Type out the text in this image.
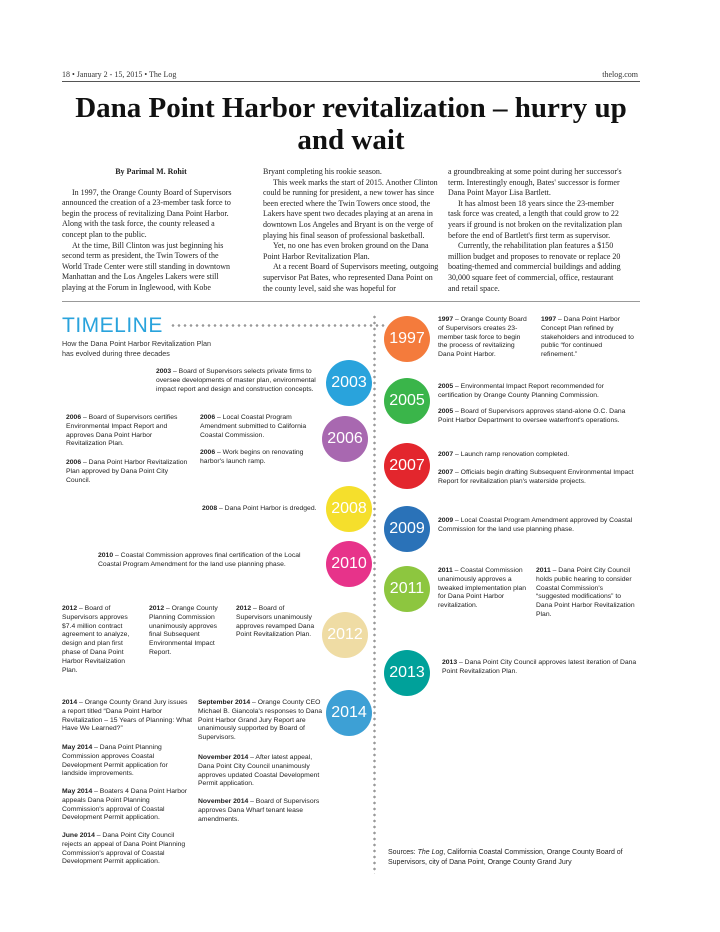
18 • January 2 - 15, 2015 • The Log	thelog.com
Dana Point Harbor revitalization – hurry up and wait

By Parimal M. Rohit

In 1997, the Orange County Board of Supervisors announced the creation of a 23-member task force to begin the process of revitalizing Dana Point Harbor. Along with the task force, the county released a concept plan to the public.

At the time, Bill Clinton was just beginning his second term as president, the Twin Towers of the World Trade Center were still standing in downtown Manhattan and the Los Angeles Lakers were still playing at the Forum in Inglewood, with Kobe

Bryant completing his rookie season.

This week marks the start of 2015. Another Clinton could be running for president, a new tower has since been erected where the Twin Towers once stood, the Lakers have spent two decades playing at an arena in downtown Los Angeles and Bryant is on the verge of playing his final season of professional basketball.

Yet, no one has even broken ground on the Dana Point Harbor Revitalization Plan.

At a recent Board of Supervisors meeting, outgoing supervisor Pat Bates, who represented Dana Point on the county level, said she was hopeful for

a groundbreaking at some point during her successor's term. Interestingly enough, Bates' successor is former Dana Point Mayor Lisa Bartlett.

It has almost been 18 years since the 23-member task force was created, a length that could grow to 22 years if ground is not broken on the revitalization plan before the end of Bartlett's first term as supervisor.

Currently, the rehabilitation plan features a $150 million budget and proposes to renovate or replace 20 boating-themed and commercial buildings and adding 30,000 square feet of commercial, office, restaurant and retail space.

TIMELINE
How the Dana Point Harbor Revitalization Plan has evolved during three decades
1997
2003
2005
2006
2007
2008
2009
2010
2011
2012
2013
2014
1997 – Orange County Board of Supervisors creates 23-member task force to begin the process of revitalizing Dana Point Harbor.
1997 – Dana Point Harbor Concept Plan refined by stakeholders and introduced to public “for continued refinement.”
2003 – Board of Supervisors selects private firms to oversee developments of master plan, environmental impact report and design and construction concepts.	2005 – Environmental Impact Report recommended for certification by Orange County Planning Commission.
2005 – Board of Supervisors approves stand-alone O.C. Dana Point Harbor Department to oversee waterfront's operations.
2006 – Board of Supervisors certifies Environmental Impact Report and approves Dana Point Harbor Revitalization Plan.
2006 – Dana Point Harbor Revitalization Plan approved by Dana Point City Council.
2006 – Local Coastal Program Amendment submitted to California Coastal Commission.
2006 – Work begins on renovating harbor's launch ramp.
2007 – Launch ramp renovation completed.
2007 – Officials begin drafting Subsequent Environmental Impact Report for revitalization plan's waterside projects.
2008 – Dana Point Harbor is dredged.
2009 – Local Coastal Program Amendment approved by Coastal Commission for the land use planning phase.
2010 – Coastal Commission approves final certification of the Local Coastal Program Amendment for the land use planning phase.
2011 – Coastal Commission unanimously approves a tweaked implementation plan for Dana Point Harbor revitalization.
2011 – Dana Point City Council holds public hearing to consider Coastal Commission's “suggested modifications” to Dana Point Harbor Revitalization Plan.
2012 – Board of Supervisors approves $7.4 million contract agreement to analyze, design and plan first phase of Dana Point Harbor Revitalization Plan.
2012 – Orange County Planning Commission unanimously approves final Subsequent Environmental Impact Report.
2012 – Board of Supervisors unanimously approves revamped Dana Point Revitalization Plan.
2013 – Dana Point City Council approves latest iteration of Dana Point Revitalization Plan.
2014 – Orange County Grand Jury issues a report titled “Dana Point Harbor Revitalization – 15 Years of Planning: What Have We Learned?”
May 2014 – Dana Point Planning Commission approves Coastal Development Permit application for landside improvements.
May 2014 – Boaters 4 Dana Point Harbor appeals Dana Point Planning Commission's approval of Coastal Development Permit application.
June 2014 – Dana Point City Council rejects an appeal of Dana Point Planning Commission's approval of Coastal Development Permit application.
September 2014 – Orange County CEO Michael B. Giancola's responses to Dana Point Harbor Grand Jury Report are unanimously supported by Board of Supervisors.
November 2014 – After latest appeal, Dana Point City Council unanimously approves updated Coastal Development Permit application.
November 2014 – Board of Supervisors approves Dana Wharf tenant lease amendments.
Sources: The Log, California Coastal Commission, Orange County Board of Supervisors, city of Dana Point, Orange County Grand Jury
